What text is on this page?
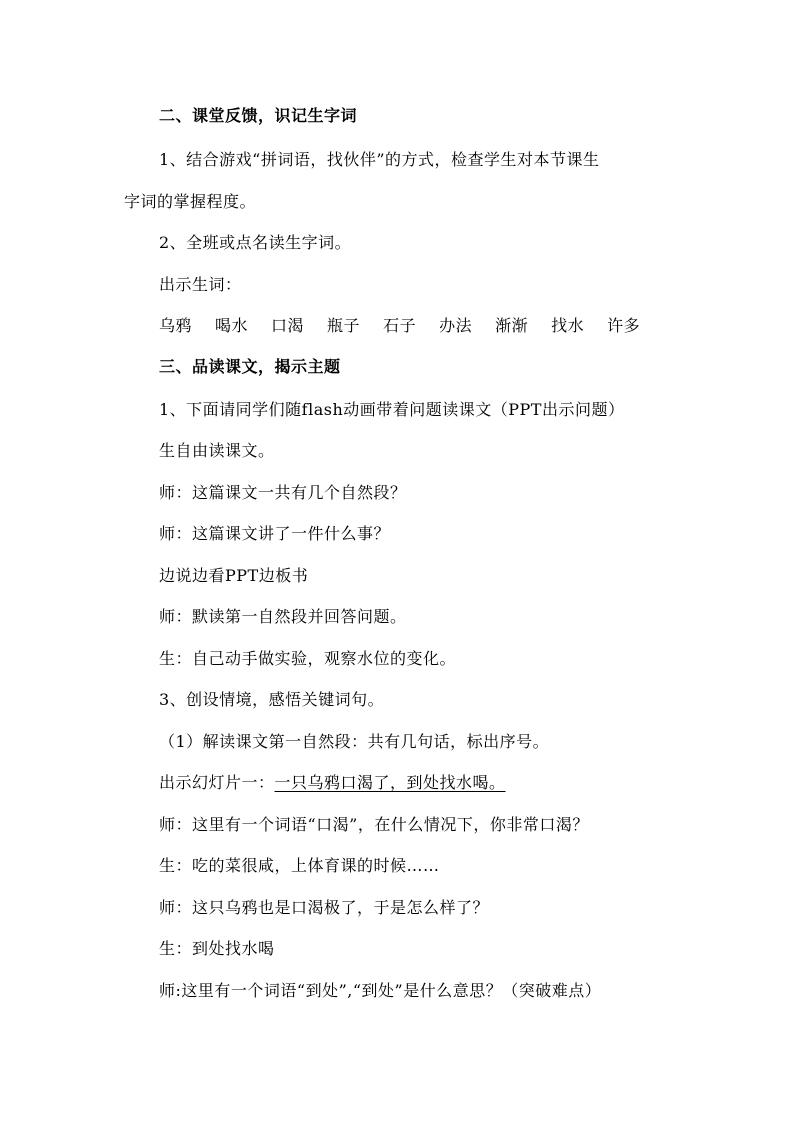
二、课堂反馈，识记生字词
1、结合游戏“拼词语，找伙伴”的方式，检查学生对本节课生
字词的掌握程度。
2、全班或点名读生字词。
出示生词：
乌鸦 喝水 口渴 瓶子 石子 办法 渐渐 找水 许多
三、品读课文，揭示主题
1、下面请同学们随flash动画带着问题读课文（PPT出示问题）
生自由读课文。
师：这篇课文一共有几个自然段？
师：这篇课文讲了一件什么事？
边说边看PPT边板书
师：默读第一自然段并回答问题。
生：自己动手做实验，观察水位的变化。
3、创设情境，感悟关键词句。
（1）解读课文第一自然段：共有几句话，标出序号。
出示幻灯片一：一只乌鸦口渴了，到处找水喝。
师：这里有一个词语“口渴”，在什么情况下，你非常口渴？
生：吃的菜很咸，上体育课的时候……
师：这只乌鸦也是口渴极了，于是怎么样了？
生：到处找水喝
师:这里有一个词语“到处”,“到处”是什么意思？（突破难点）
